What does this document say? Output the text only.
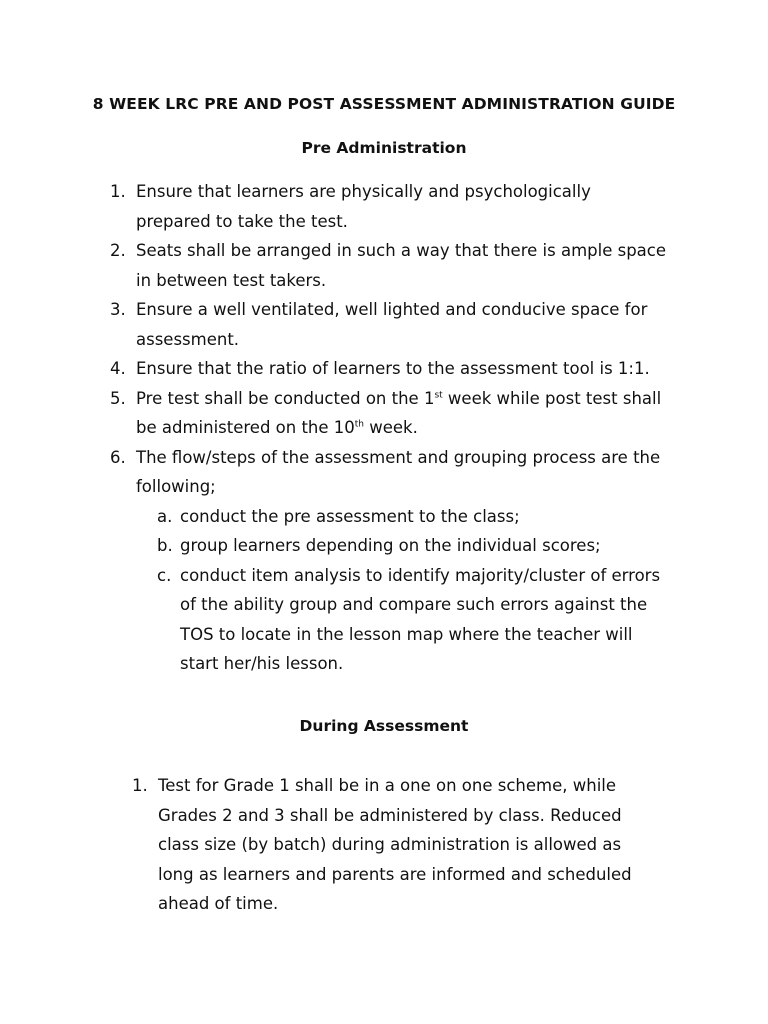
8 WEEK LRC PRE AND POST ASSESSMENT ADMINISTRATION GUIDE
Pre Administration
1. Ensure that learners are physically and psychologically prepared to take the test.
2. Seats shall be arranged in such a way that there is ample space in between test takers.
3. Ensure a well ventilated, well lighted and conducive space for assessment.
4. Ensure that the ratio of learners to the assessment tool is 1:1.
5. Pre test shall be conducted on the 1st week while post test shall be administered on the 10th week.
6. The flow/steps of the assessment and grouping process are the following;
a. conduct the pre assessment to the class;
b. group learners depending on the individual scores;
c. conduct item analysis to identify majority/cluster of errors of the ability group and compare such errors against the TOS to locate in the lesson map where the teacher will start her/his lesson.
During Assessment
1. Test for Grade 1 shall be in a one on one scheme, while Grades 2 and 3 shall be administered by class. Reduced class size (by batch) during administration is allowed as long as learners and parents are informed and scheduled ahead of time.
